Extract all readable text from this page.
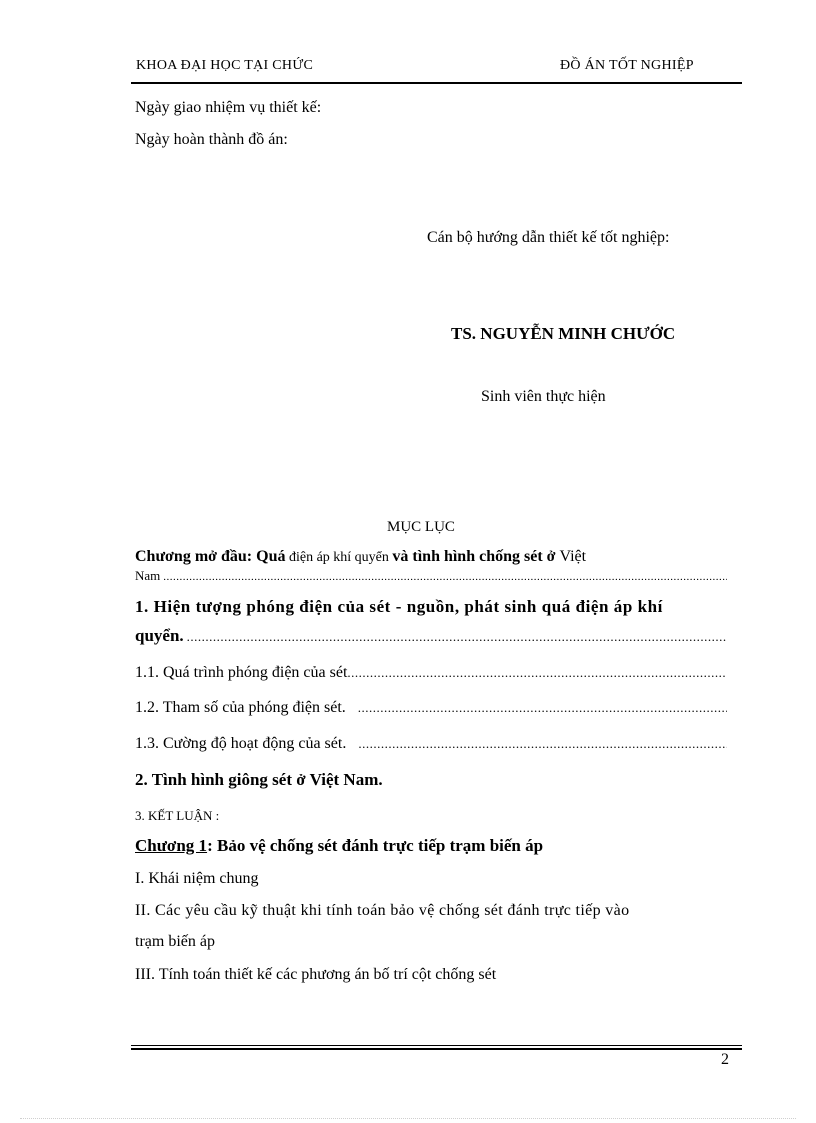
KHOA ĐẠI HỌC TẠI CHỨC	ĐỒ ÁN TỐT NGHIỆP
Ngày giao nhiệm vụ thiết kế:
Ngày hoàn thành đồ án:
Cán bộ hướng dẫn thiết kế tốt nghiệp:
TS. NGUYỄN MINH CHƯỚC
Sinh viên thực hiện
MỤC LỤC
Chương mở đầu: Quá điện áp khí quyển và tình hình chống sét ở Việt
Nam
.....
1. Hiện tượng phóng điện của sét - nguồn, phát sinh quá điện áp khí
quyển.
.....
1.1. Quá trình phóng điện của sét
.....
1.2. Tham số của phóng điện sét.
.....
1.3. Cường độ hoạt động của sét.
.....
2. Tình hình giông sét ở Việt Nam.
3. KẾT LUẬN :
Chương 1: Bảo vệ chống sét đánh trực tiếp trạm biến áp
I. Khái niệm chung
II. Các yêu cầu kỹ thuật khi tính toán bảo vệ chống sét đánh trực tiếp vào
trạm biến áp
III. Tính toán thiết kế các phương án bố trí cột chống sét
2
